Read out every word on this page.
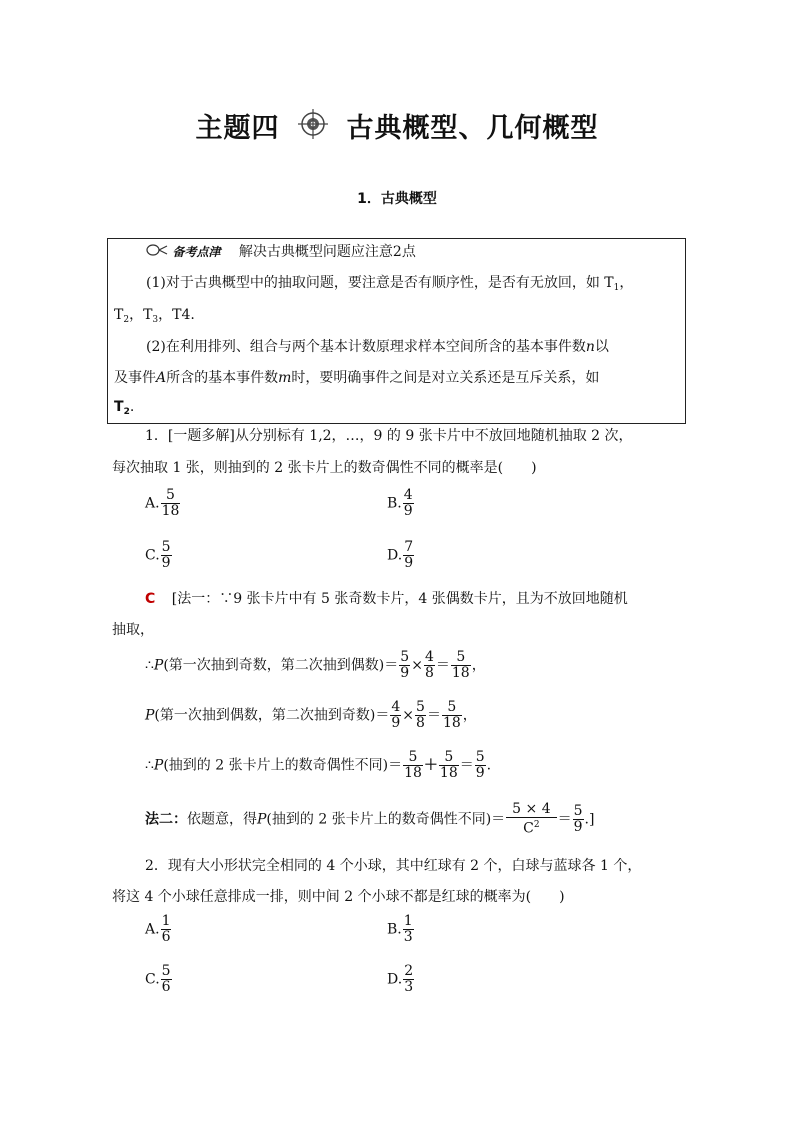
主题四 古典概型、几何概型
1．古典概型
备考点津 解决古典概型问题应注意2点
(1)对于古典概型中的抽取问题，要注意是否有顺序性，是否有无放回，如 $T_1$，
$T_2$，$T_3$，T4.
(2)在利用排列、组合与两个基本计数原理求样本空间所含的基本事件数n以
及事件A所含的基本事件数m时，要明确事件之间是对立关系还是互斥关系，如
$T_2$.
1．[一题多解]从分别标有 1,2，…，9 的 9 张卡片中不放回地随机抽取 2 次，
每次抽取 1 张，则抽到的 2 张卡片上的数奇偶性不同的概率是(　　)
A. $\frac{5}{18}$	B. $\frac{4}{9}$
C. $\frac{5}{9}$	D. $\frac{7}{9}$
C [法一：∵9 张卡片中有 5 张奇数卡片，4 张偶数卡片，且为不放回地随机
抽取，
∴P(第一次抽到奇数，第二次抽到偶数)＝ $\frac{5}{9} \times \frac{4}{8} = \frac{5}{18}$ ，
P(第一次抽到偶数，第二次抽到奇数)＝ $\frac{4}{9} \times \frac{5}{8} = \frac{5}{18}$ ，
∴P(抽到的 2 张卡片上的数奇偶性不同)＝ $\frac{5}{18} + \frac{5}{18} = \frac{5}{9}$ .
法二：依题意，得P(抽到的 2 张卡片上的数奇偶性不同)＝ $\frac{5 \times 4}{C^2} = \frac{5}{9}$ .]
2．现有大小形状完全相同的 4 个小球，其中红球有 2 个，白球与蓝球各 1 个，
将这 4 个小球任意排成一排，则中间 2 个小球不都是红球的概率为(　　)
A. $\frac{1}{6}$	B. $\frac{1}{3}$
C. $\frac{5}{6}$	D. $\frac{2}{3}$
